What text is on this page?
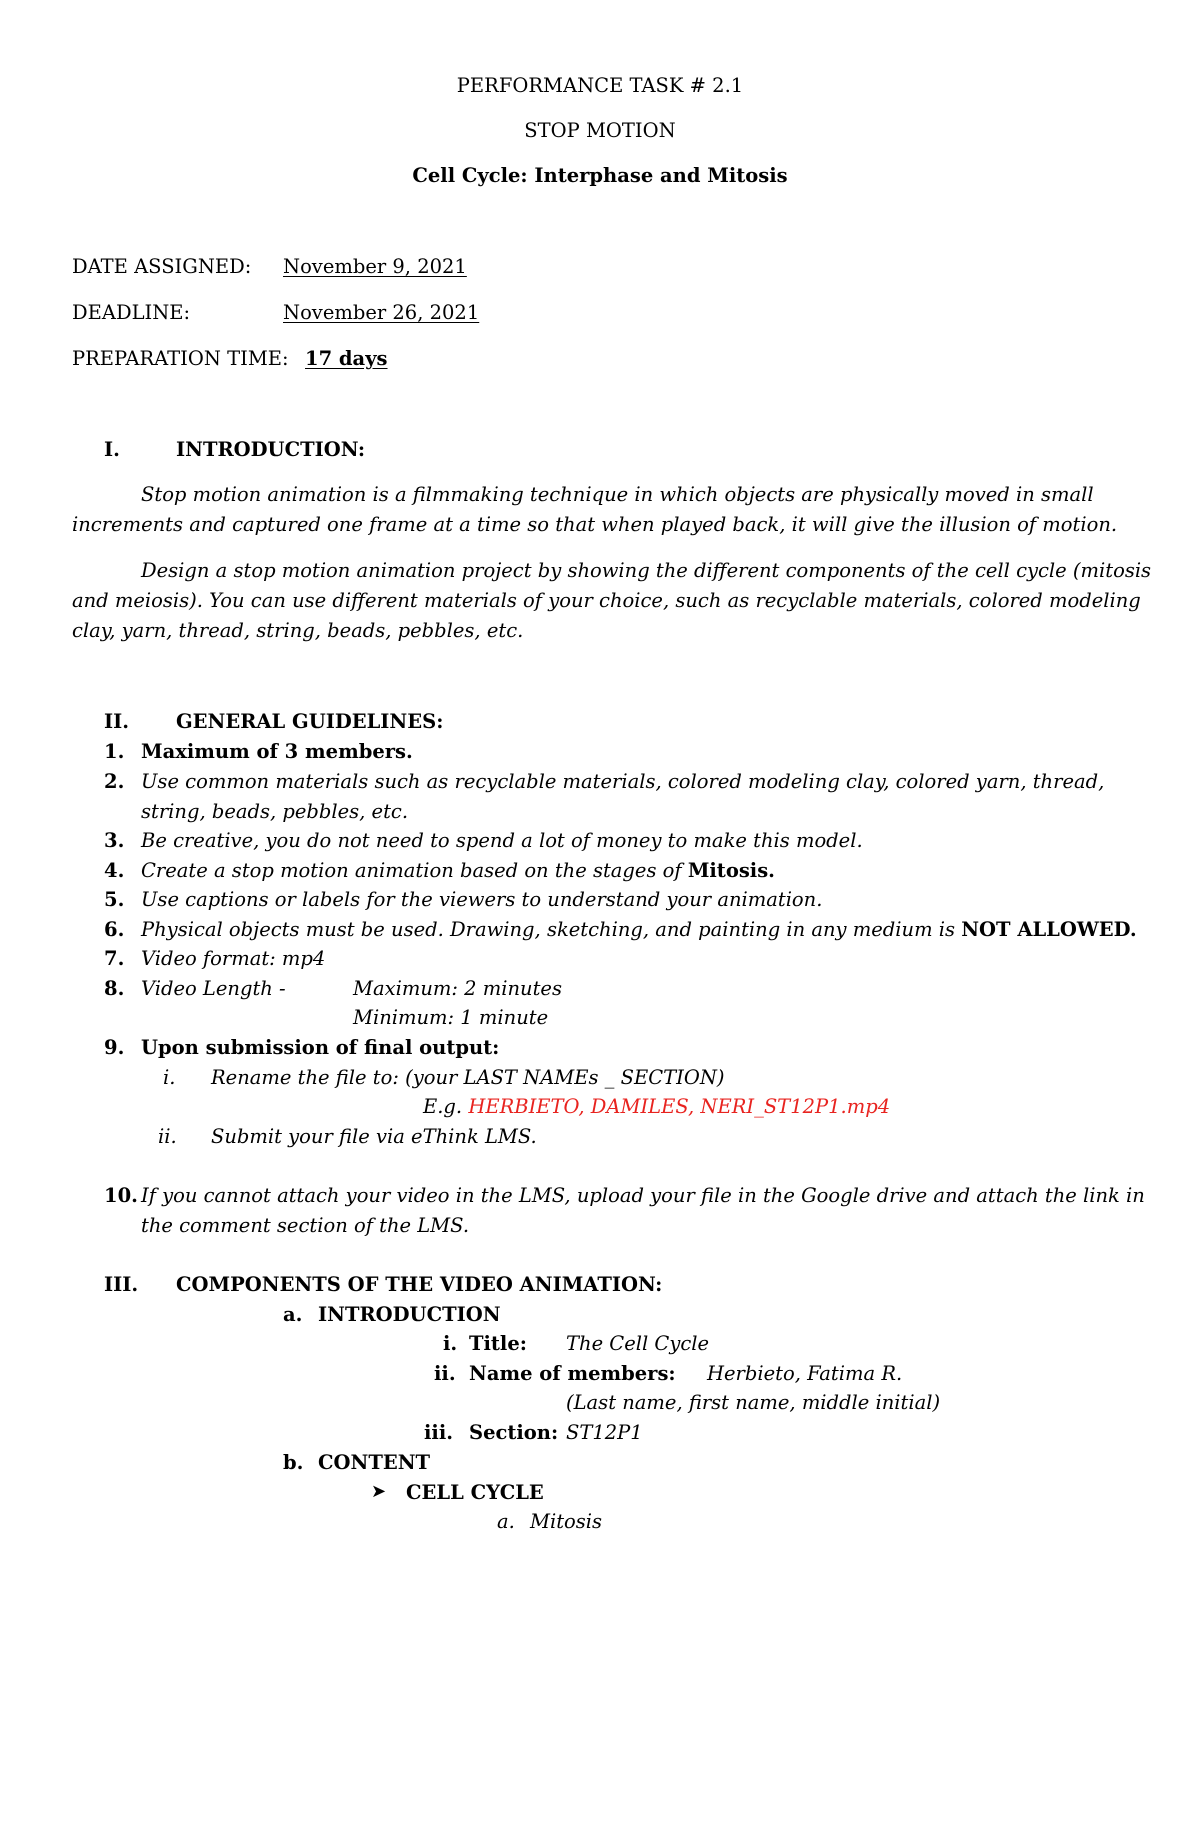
PERFORMANCE TASK # 2.1
STOP MOTION
Cell Cycle: Interphase and Mitosis
DATE ASSIGNED: November 9, 2021
DEADLINE:	November 26, 2021
PREPARATION TIME: 17 days
I.	INTRODUCTION:
Stop motion animation is a filmmaking technique in which objects are physically moved in small
increments and captured one frame at a time so that when played back, it will give the illusion of motion.
Design a stop motion animation project by showing the different components of the cell cycle (mitosis
and meiosis). You can use different materials of your choice, such as recyclable materials, colored modeling
clay, yarn, thread, string, beads, pebbles, etc.
II. GENERAL GUIDELINES:
1. Maximum of 3 members.
2. Use common materials such as recyclable materials, colored modeling clay, colored yarn, thread,
string, beads, pebbles, etc.
3. Be creative, you do not need to spend a lot of money to make this model.
4. Create a stop motion animation based on the stages of Mitosis.
5. Use captions or labels for the viewers to understand your animation.
6. Physical objects must be used. Drawing, sketching, and painting in any medium is NOT ALLOWED.
7. Video format: mp4
8. Video Length -	Maximum: 2 minutes
Minimum: 1 minute
9. Upon submission of final output:
i. Rename the file to: (your LAST NAMEs _ SECTION)
E.g. HERBIETO, DAMILES, NERI_ST12P1.mp4
ii. Submit your file via eThink LMS.
10. If you cannot attach your video in the LMS, upload your file in the Google drive and attach the link in
the comment section of the LMS.
III. COMPONENTS OF THE VIDEO ANIMATION:
a. INTRODUCTION
i. Title: The Cell Cycle
ii. Name of members: Herbieto, Fatima R.
(Last name, first name, middle initial)
iii. Section: ST12P1
b. CONTENT
➤ CELL CYCLE
a. Mitosis
